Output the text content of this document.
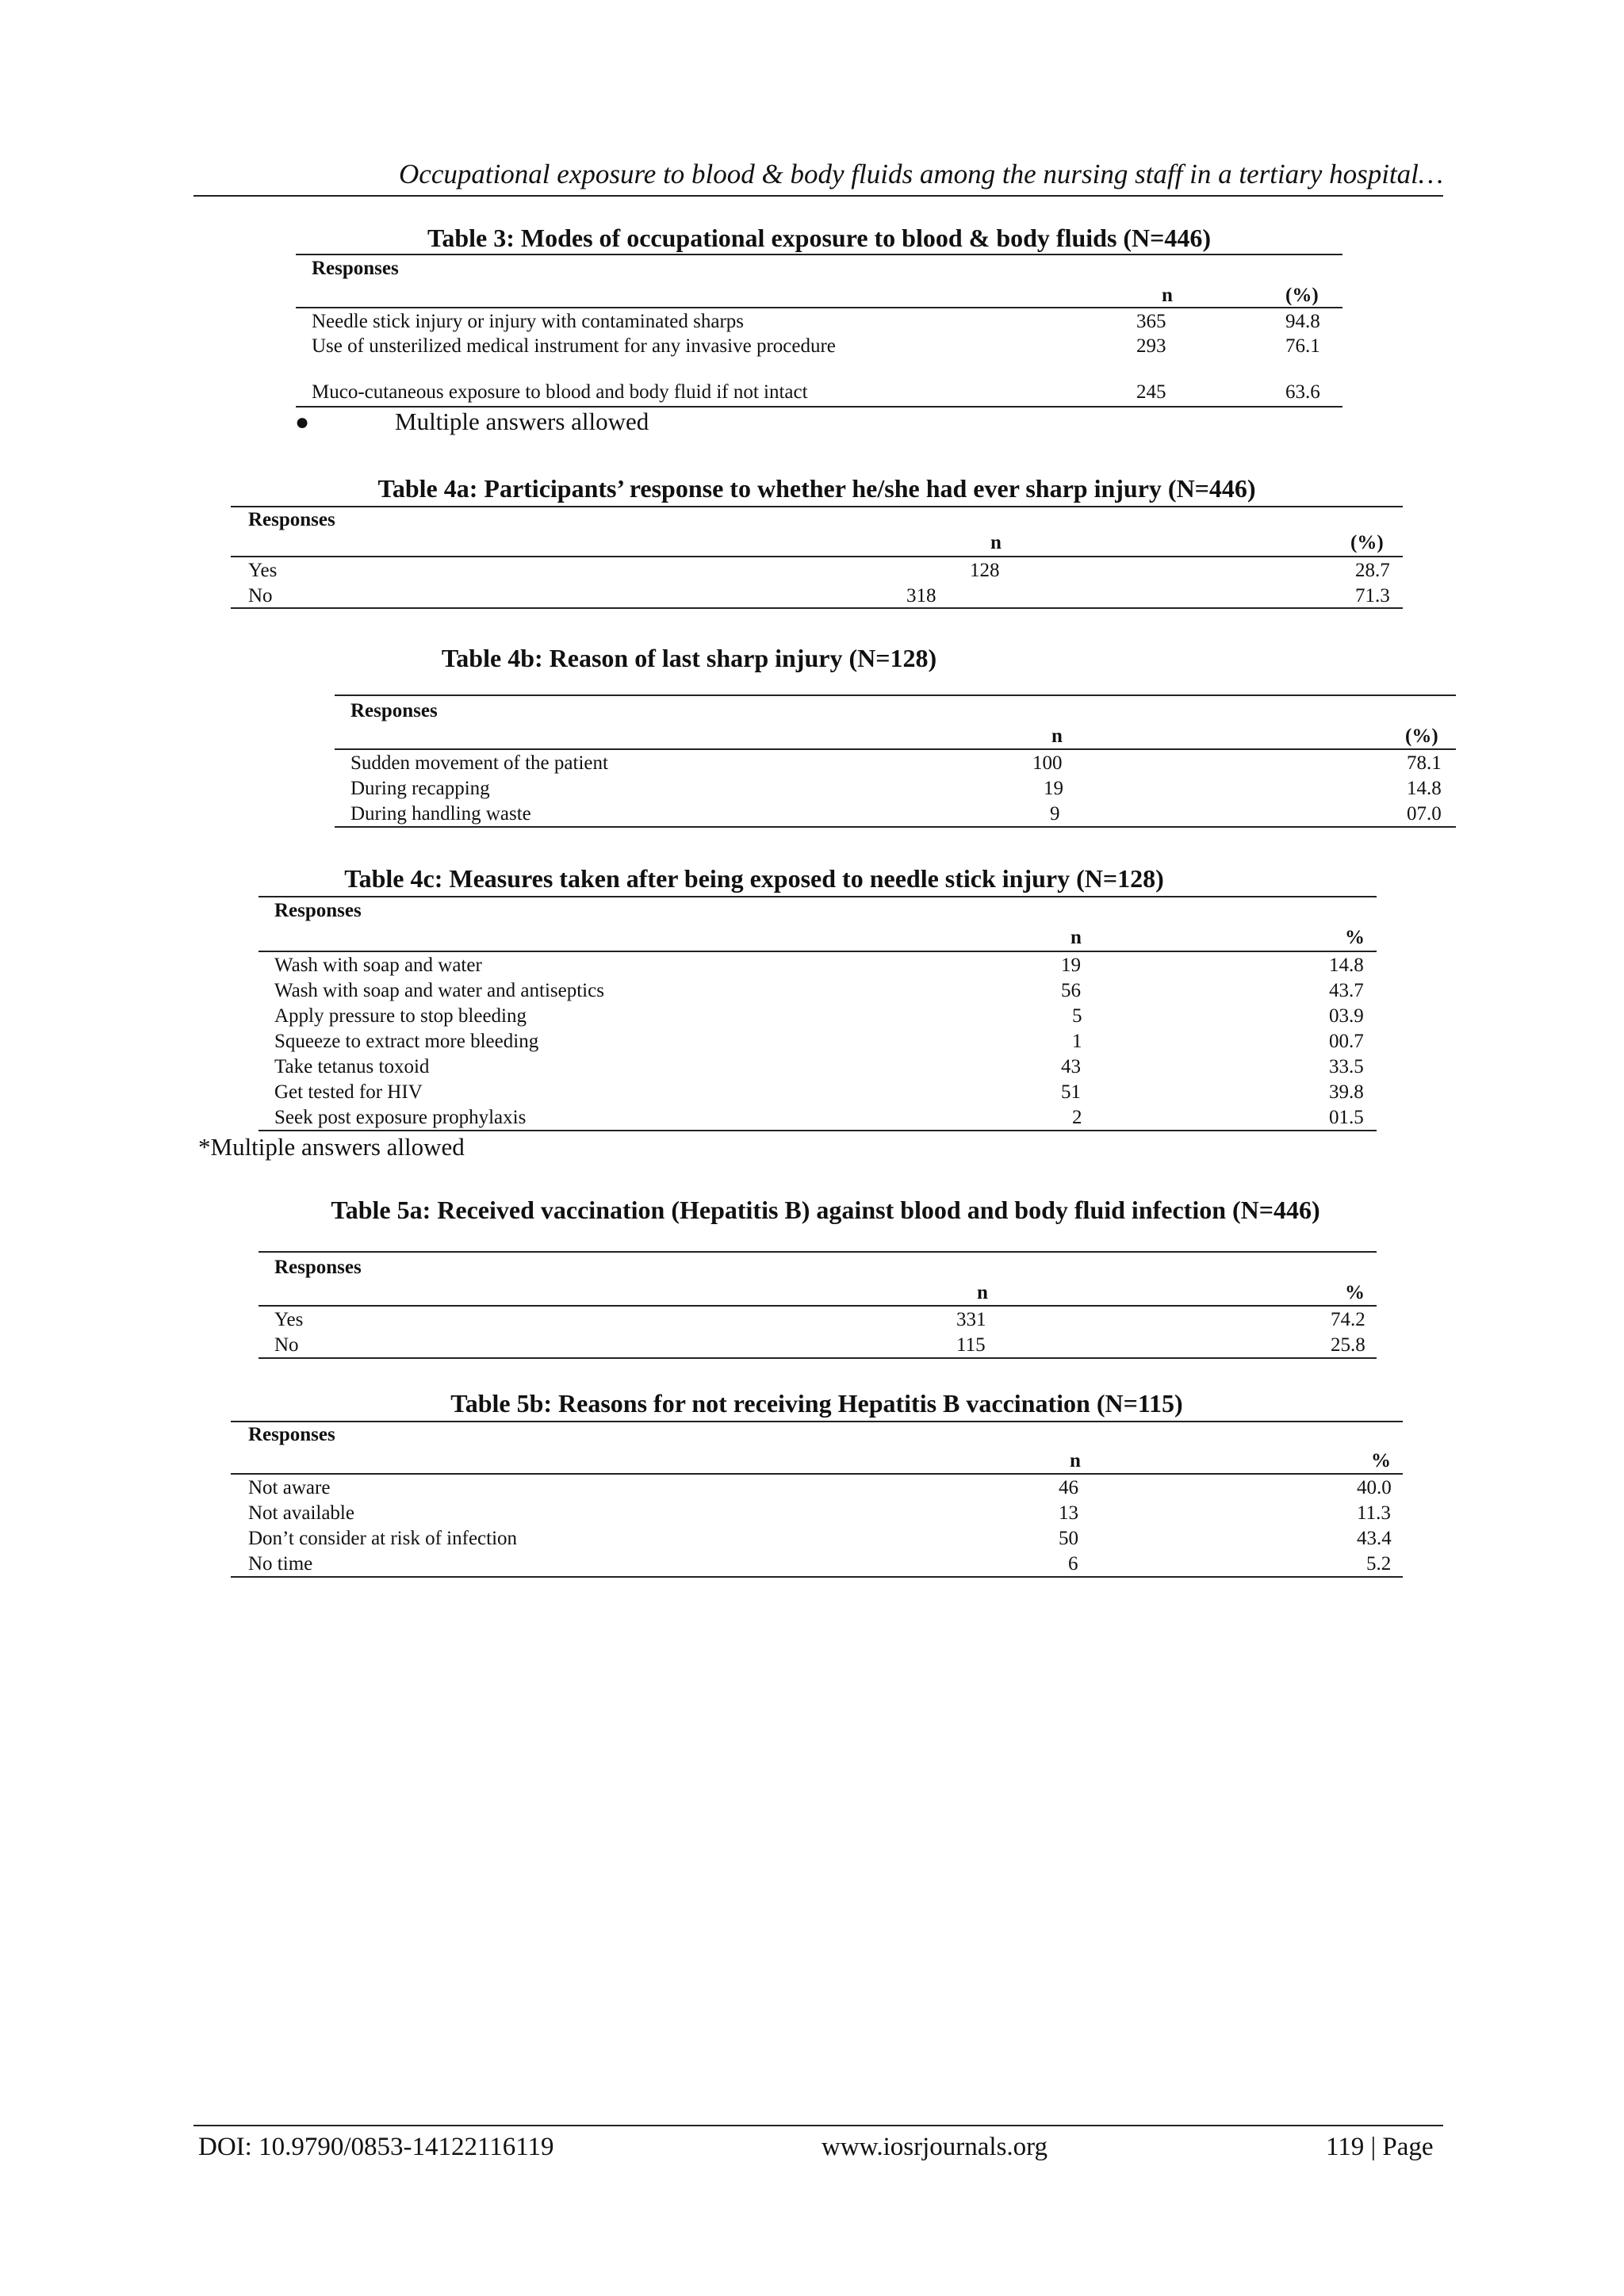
Occupational exposure to blood & body fluids among the nursing staff in a tertiary hospital…
Table 3: Modes of occupational exposure to blood & body fluids (N=446)
Responses
n	(%)
Needle stick injury or injury with contaminated sharps	365	94.8
Use of unsterilized medical instrument for any invasive procedure	293	76.1
Muco-cutaneous exposure to blood and body fluid if not intact	245	63.6
●	Multiple answers allowed
Table 4a: Participants’ response to whether he/she had ever sharp injury (N=446)
Responses
n	(%)
Yes	128	28.7
No	318	71.3
Table 4b: Reason of last sharp injury (N=128)
Responses
n	(%)
Sudden movement of the patient	100	78.1
During recapping	19	14.8
During handling waste	9	07.0
Table 4c: Measures taken after being exposed to needle stick injury (N=128)
Responses
n	%
Wash with soap and water	19	14.8
Wash with soap and water and antiseptics	56	43.7
Apply pressure to stop bleeding	5	03.9
Squeeze to extract more bleeding	1	00.7
Take tetanus toxoid	43	33.5
Get tested for HIV	51	39.8
Seek post exposure prophylaxis	2	01.5
*Multiple answers allowed
Table 5a: Received vaccination (Hepatitis B) against blood and body fluid infection (N=446)
Responses
n	%
Yes	331	74.2
No	115	25.8
Table 5b: Reasons for not receiving Hepatitis B vaccination (N=115)
Responses
n	%
Not aware	46	40.0
Not available	13	11.3
Don’t consider at risk of infection	50	43.4
No time	6	5.2
DOI: 10.9790/0853-14122116119	www.iosrjournals.org	119 | Page
